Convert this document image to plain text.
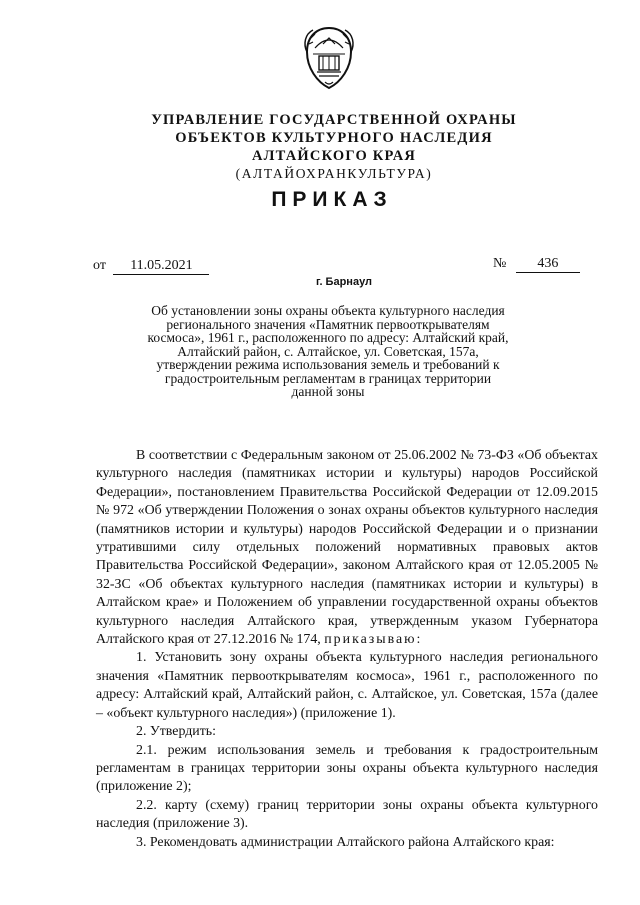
УПРАВЛЕНИЕ ГОСУДАРСТВЕННОЙ ОХРАНЫ
ОБЪЕКТОВ КУЛЬТУРНОГО НАСЛЕДИЯ
АЛТАЙСКОГО КРАЯ
(АЛТАЙОХРАНКУЛЬТУРА)
ПРИКАЗ
от 11.05.2021	№ 436
г. Барнаул
Об установлении зоны охраны объекта культурного наследия
регионального значения «Памятник первооткрывателям
космоса», 1961 г., расположенного по адресу: Алтайский край,
Алтайский район, с. Алтайское, ул. Советская, 157а,
утверждении режима использования земель и требований к
градостроительным регламентам в границах территории
данной зоны

В соответствии с Федеральным законом от 25.06.2002 № 73-ФЗ «Об объектах культурного наследия (памятниках истории и культуры) народов Российской Федерации», постановлением Правительства Российской Федерации от 12.09.2015 № 972 «Об утверждении Положения о зонах охраны объектов культурного наследия (памятников истории и культуры) народов Российской Федерации и о признании утратившими силу отдельных положений нормативных правовых актов Правительства Российской Федерации», законом Алтайского края от 12.05.2005 № 32-ЗС «Об объектах культурного наследия (памятниках истории и культуры) в Алтайском крае» и Положением об управлении государственной охраны объектов культурного наследия Алтайского края, утвержденным указом Губернатора Алтайского края от 27.12.2016 № 174, приказываю:

1. Установить зону охраны объекта культурного наследия регионального значения «Памятник первооткрывателям космоса», 1961 г., расположенного по адресу: Алтайский край, Алтайский район, с. Алтайское, ул. Советская, 157а (далее – «объект культурного наследия») (приложение 1).

2. Утвердить:

2.1. режим использования земель и требования к градостроительным регламентам в границах территории зоны охраны объекта культурного наследия (приложение 2);

2.2. карту (схему) границ территории зоны охраны объекта культурного наследия (приложение 3).

3. Рекомендовать администрации Алтайского района Алтайского края:
